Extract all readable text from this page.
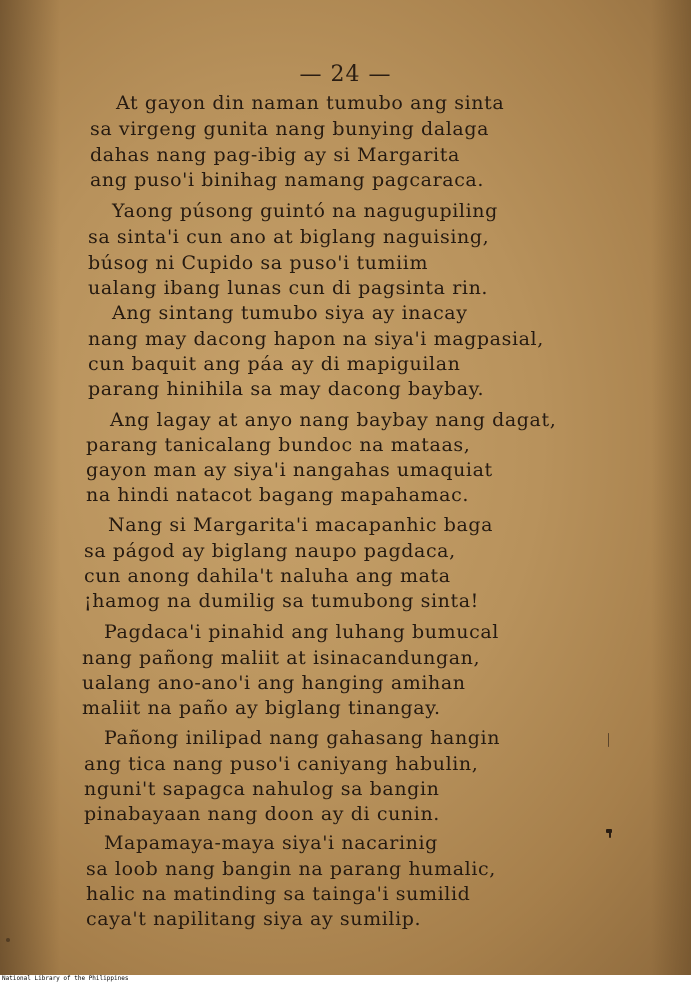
— 24 —
At gayon din naman tumubo ang sinta
sa virgeng gunita nang bunying dalaga
dahas nang pag-ibig ay si Margarita
ang puso'i binihag namang pagcaraca.
Yaong púsong guintó na nagugupiling
sa sinta'i cun ano at biglang naguising,
búsog ni Cupido sa puso'i tumiim
ualang ibang lunas cun di pagsinta rin.
Ang sintang tumubo siya ay inacay
nang may dacong hapon na siya'i magpasial,
cun baquit ang páa ay di mapiguilan
parang hinihila sa may dacong baybay.
Ang lagay at anyo nang baybay nang dagat,
parang tanicalang bundoc na mataas,
gayon man ay siya'i nangahas umaquiat
na hindi natacot bagang mapahamac.
Nang si Margarita'i macapanhic baga
sa págod ay biglang naupo pagdaca,
cun anong dahila't naluha ang mata
¡hamog na dumilig sa tumubong sinta!
Pagdaca'i pinahid ang luhang bumucal
nang pañong maliit at isinacandungan,
ualang ano-ano'i ang hanging amihan
maliit na paño ay biglang tinangay.
Pañong inilipad nang gahasang hangin
ang tica nang puso'i caniyang habulin,
nguni't sapagca nahulog sa bangin
pinabayaan nang doon ay di cunin.
Mapamaya-maya siya'i nacarinig
sa loob nang bangin na parang humalic,
halic na matinding sa tainga'i sumilid
caya't napilitang siya ay sumilip.
National Library of the Philippines
